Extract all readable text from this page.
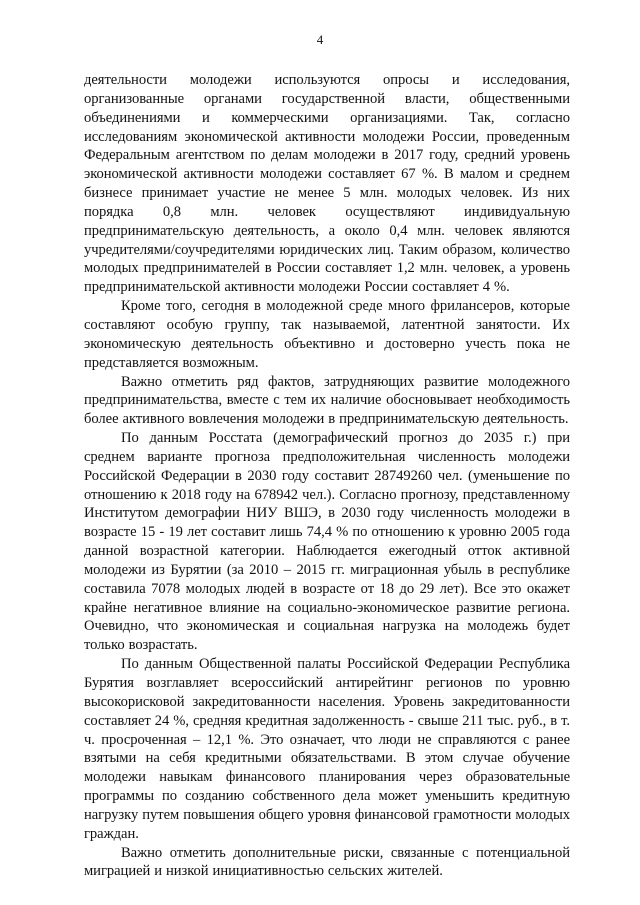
4

деятельности молодежи используются опросы и исследования, организованные органами государственной власти, общественными объединениями и коммерческими организациями. Так, согласно исследованиям экономической активности молодежи России, проведенным Федеральным агентством по делам молодежи в 2017 году, средний уровень экономической активности молодежи составляет 67 %. В малом и среднем бизнесе принимает участие не менее 5 млн. молодых человек. Из них порядка 0,8 млн. человек осуществляют индивидуальную предпринимательскую деятельность, а около 0,4 млн. человек являются учредителями/соучредителями юридических лиц. Таким образом, количество молодых предпринимателей в России составляет 1,2 млн. человек, а уровень предпринимательской активности молодежи России составляет 4 %.

Кроме того, сегодня в молодежной среде много фрилансеров, которые составляют особую группу, так называемой, латентной занятости. Их экономическую деятельность объективно и достоверно учесть пока не представляется возможным.

Важно отметить ряд фактов, затрудняющих развитие молодежного предпринимательства, вместе с тем их наличие обосновывает необходимость более активного вовлечения молодежи в предпринимательскую деятельность.

По данным Росстата (демографический прогноз до 2035 г.) при среднем варианте прогноза предположительная численность молодежи Российской Федерации в 2030 году составит 28749260 чел. (уменьшение по отношению к 2018 году на 678942 чел.). Согласно прогнозу, представленному Институтом демографии НИУ ВШЭ, в 2030 году численность молодежи в возрасте 15 - 19 лет составит лишь 74,4 % по отношению к уровню 2005 года данной возрастной категории. Наблюдается ежегодный отток активной молодежи из Бурятии (за 2010 – 2015 гг. миграционная убыль в республике составила 7078 молодых людей в возрасте от 18 до 29 лет). Все это окажет крайне негативное влияние на социально-экономическое развитие региона. Очевидно, что экономическая и социальная нагрузка на молодежь будет только возрастать.

По данным Общественной палаты Российской Федерации Республика Бурятия возглавляет всероссийский антирейтинг регионов по уровню высокорисковой закредитованности населения. Уровень закредитованности составляет 24 %, средняя кредитная задолженность - свыше 211 тыс. руб., в т. ч. просроченная – 12,1 %. Это означает, что люди не справляются с ранее взятыми на себя кредитными обязательствами. В этом случае обучение молодежи навыкам финансового планирования через образовательные программы по созданию собственного дела может уменьшить кредитную нагрузку путем повышения общего уровня финансовой грамотности молодых граждан.

Важно отметить дополнительные риски, связанные с потенциальной миграцией и низкой инициативностью сельских жителей.
